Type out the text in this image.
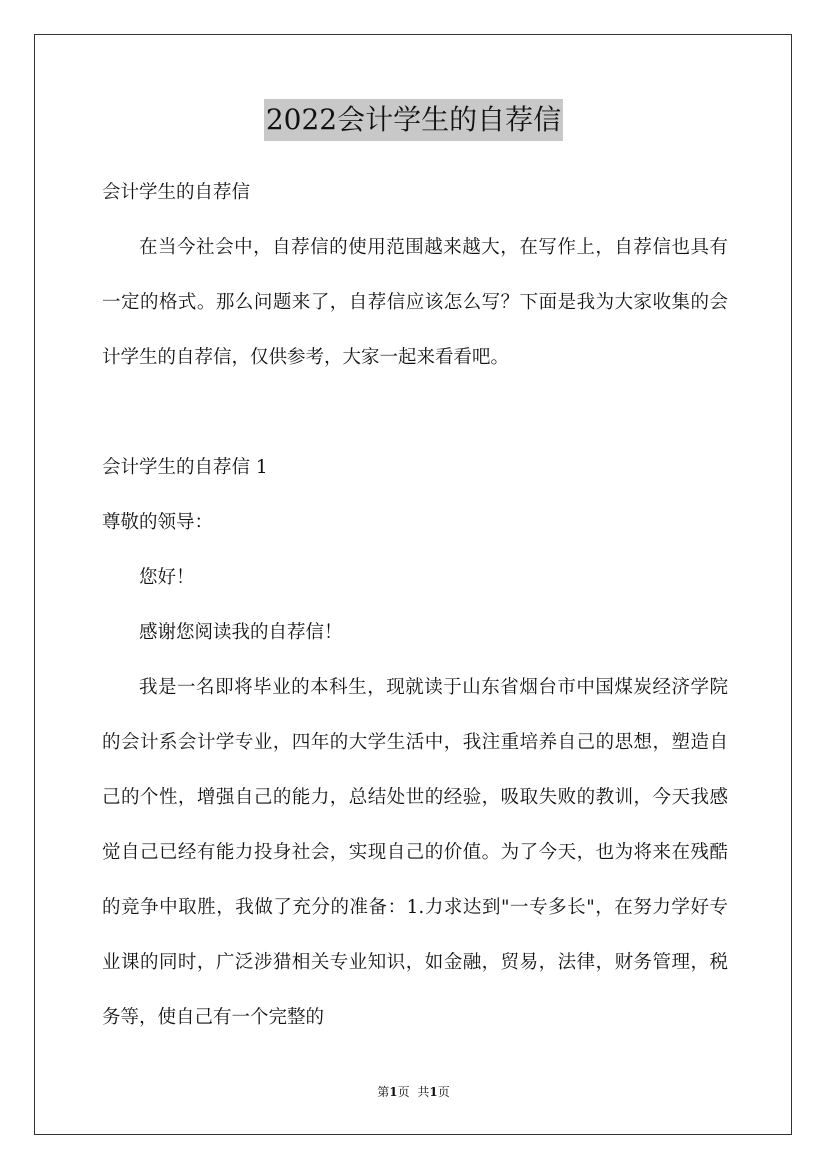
2022会计学生的自荐信
会计学生的自荐信

在当今社会中，自荐信的使用范围越来越大，在写作上，自荐信也具有一定的格式。那么问题来了，自荐信应该怎么写？下面是我为大家收集的会计学生的自荐信，仅供参考，大家一起来看看吧。

会计学生的自荐信 1
尊敬的领导：

您好！

感谢您阅读我的自荐信！

我是一名即将毕业的本科生，现就读于山东省烟台市中国煤炭经济学院的会计系会计学专业，四年的大学生活中，我注重培养自己的思想，塑造自己的个性，增强自己的能力，总结处世的经验，吸取失败的教训，今天我感觉自己已经有能力投身社会，实现自己的价值。为了今天，也为将来在残酷的竞争中取胜，我做了充分的准备：1.力求达到"一专多长"，在努力学好专业课的同时，广泛涉猎相关专业知识，如金融，贸易，法律，财务管理，税务等，使自己有一个完整的

第1页 共1页
